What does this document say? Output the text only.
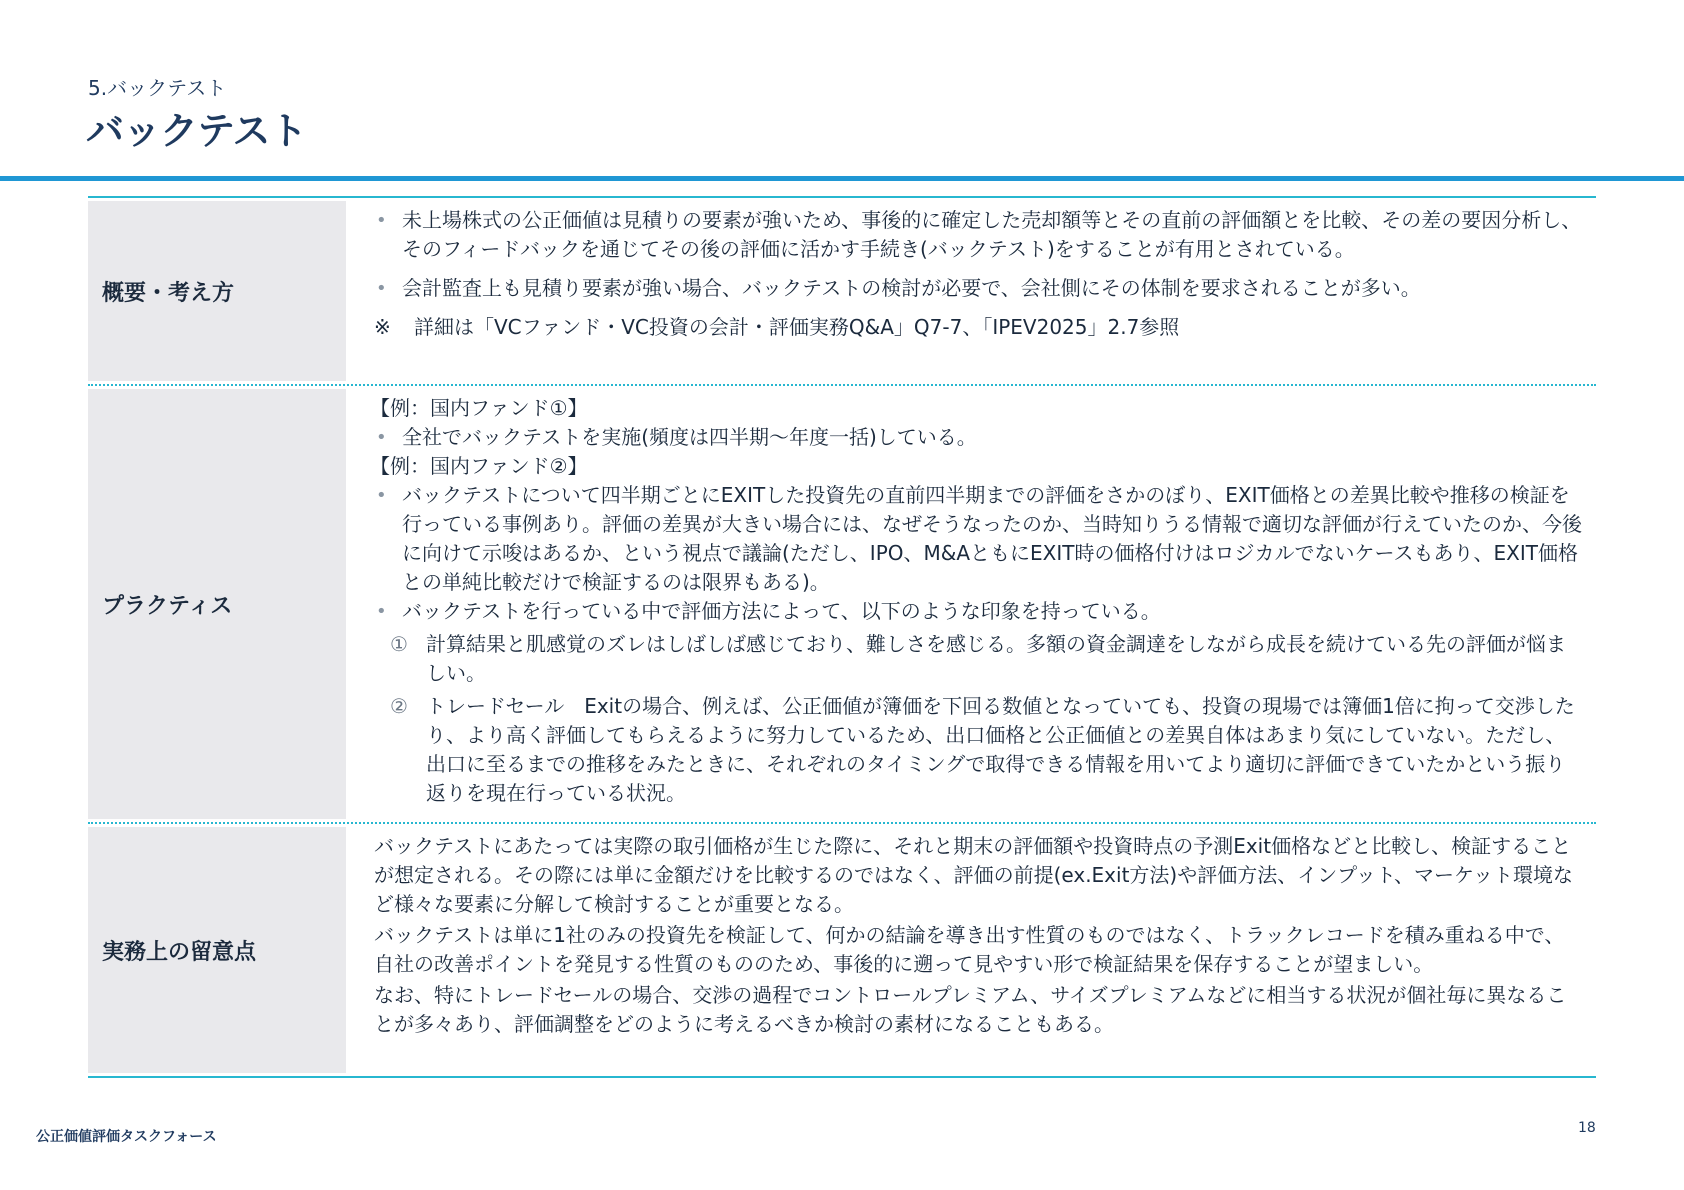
5.バックテスト
バックテスト
概要・考え方
• 未上場株式の公正価値は見積りの要素が強いため、事後的に確定した売却額等とその直前の評価額とを比較、その差の要因分析し、そのフィードバックを通じてその後の評価に活かす手続き(バックテスト)をすることが有用とされている。
• 会計監査上も見積り要素が強い場合、バックテストの検討が必要で、会社側にその体制を要求されることが多い。
※	詳細は「VCファンド・VC投資の会計・評価実務Q&A」Q7-7、「IPEV2025」2.7参照
プラクティス
【例：国内ファンド①】
• 全社でバックテストを実施(頻度は四半期～年度一括)している。
【例：国内ファンド②】
• バックテストについて四半期ごとにEXITした投資先の直前四半期までの評価をさかのぼり、EXIT価格との差異比較や推移の検証を行っている事例あり。評価の差異が大きい場合には、なぜそうなったのか、当時知りうる情報で適切な評価が行えていたのか、今後に向けて示唆はあるか、という視点で議論(ただし、IPO、M&AともにEXIT時の価格付けはロジカルでないケースもあり、EXIT価格との単純比較だけで検証するのは限界もある)。
• バックテストを行っている中で評価方法によって、以下のような印象を持っている。
① 計算結果と肌感覚のズレはしばしば感じており、難しさを感じる。多額の資金調達をしながら成長を続けている先の評価が悩ましい。
② トレードセール　Exitの場合、例えば、公正価値が簿価を下回る数値となっていても、投資の現場では簿価1倍に拘って交渉したり、より高く評価してもらえるように努力しているため、出口価格と公正価値との差異自体はあまり気にしていない。ただし、出口に至るまでの推移をみたときに、それぞれのタイミングで取得できる情報を用いてより適切に評価できていたかという振り返りを現在行っている状況。
実務上の留意点
バックテストにあたっては実際の取引価格が生じた際に、それと期末の評価額や投資時点の予測Exit価格などと比較し、検証することが想定される。その際には単に金額だけを比較するのではなく、評価の前提(ex.Exit方法)や評価方法、インプット、マーケット環境など様々な要素に分解して検討することが重要となる。
バックテストは単に1社のみの投資先を検証して、何かの結論を導き出す性質のものではなく、トラックレコードを積み重ねる中で、自社の改善ポイントを発見する性質のもののため、事後的に遡って見やすい形で検証結果を保存することが望ましい。
なお、特にトレードセールの場合、交渉の過程でコントロールプレミアム、サイズプレミアムなどに相当する状況が個社毎に異なることが多々あり、評価調整をどのように考えるべきか検討の素材になることもある。
公正価値評価タスクフォース
18
